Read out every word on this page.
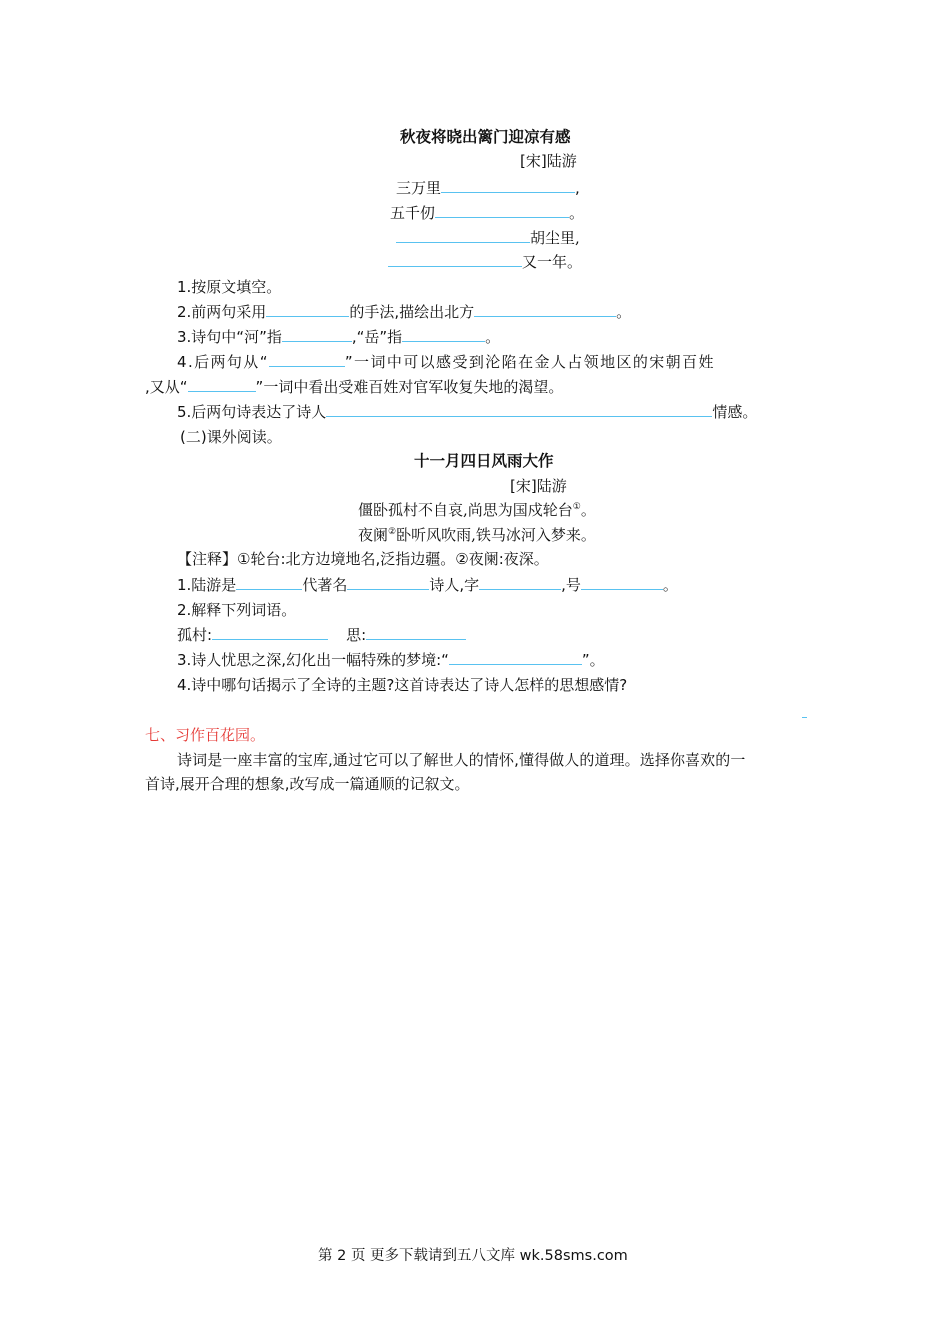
秋夜将晓出篱门迎凉有感
[宋]陆游
三万里	,
五千仞	。
胡尘里,
又一年。
1.按原文填空。
2.前两句采用	的手法,描绘出北方	。
3.诗句中“河”指	,“岳”指	。
4.后两句从“	”一词中可以感受到沦陷在金人占领地区的宋朝百姓
,又从“	”一词中看出受难百姓对官军收复失地的渴望。
5.后两句诗表达了诗人	情感。
(二)课外阅读。
十一月四日风雨大作
[宋]陆游
僵卧孤村不自哀,尚思为国戍轮台①。
夜阑②卧听风吹雨,铁马冰河入梦来。
【注释】①轮台:北方边境地名,泛指边疆。②夜阑:夜深。
1.陆游是	代著名	诗人,字	,号	。
2.解释下列词语。
孤村:	思:
3.诗人忧思之深,幻化出一幅特殊的梦境:“	”。
4.诗中哪句话揭示了全诗的主题?这首诗表达了诗人怎样的思想感情?
七、习作百花园。
诗词是一座丰富的宝库,通过它可以了解世人的情怀,懂得做人的道理。选择你喜欢的一
首诗,展开合理的想象,改写成一篇通顺的记叙文。
第 2 页 更多下载请到五八文库 wk.58sms.com
